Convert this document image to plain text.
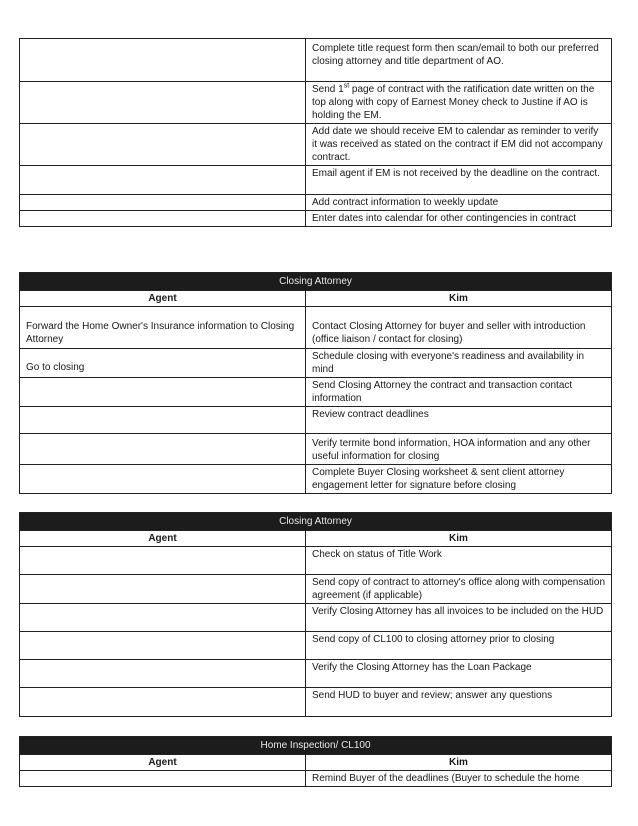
	Complete title request form then scan/email to both our preferred closing attorney and title department of AO.
	Send 1st page of contract with the ratification date written on the top along with copy of Earnest Money check to Justine if AO is holding the EM.
	Add date we should receive EM to calendar as reminder to verify it was received as stated on the contract if EM did not accompany contract.
	Email agent if EM is not received by the deadline on the contract.
	Add contract information to weekly update
	Enter dates into calendar for other contingencies in contract
Closing Attorney	
Agent	Kim
Forward the Home Owner's Insurance information to Closing Attorney	Contact Closing Attorney for buyer and seller with introduction (office liaison / contact for closing)
Go to closing	Schedule closing with everyone's readiness and availability in mind
	Send Closing Attorney the contract and transaction contact information
	Review contract deadlines
	Verify termite bond information, HOA information and any other useful information for closing
	Complete Buyer Closing worksheet & sent client attorney engagement letter for signature before closing
Closing Attorney	
Agent	Kim
	Check on status of Title Work
	Send copy of contract to attorney's office along with compensation agreement (if applicable)
	Verify Closing Attorney has all invoices to be included on the HUD
	Send copy of CL100 to closing attorney prior to closing
	Verify the Closing Attorney has the Loan Package
	Send HUD to buyer and review; answer any questions
Home Inspection/ CL100	
Agent	Kim
	Remind Buyer of the deadlines (Buyer to schedule the home
